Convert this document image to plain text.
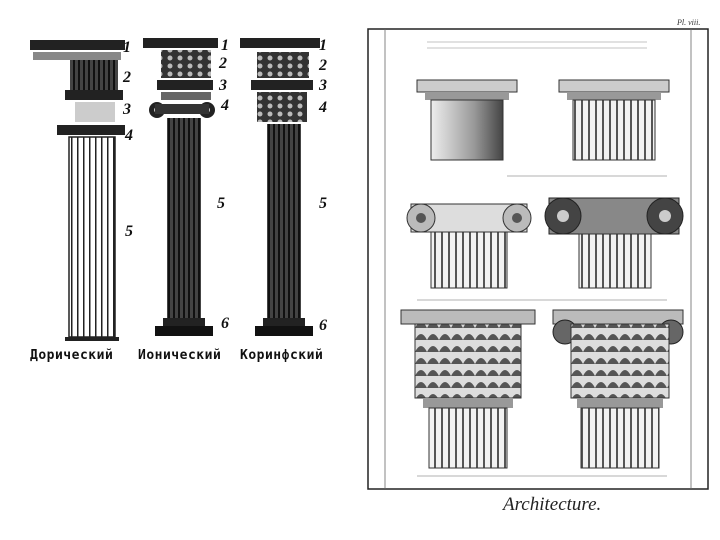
1
2
3
4
5
1
2
3
4
5
6
1
2
3
4
5
6
Дорический Ионический Коринфский
Pl. viii.
Architecture.
